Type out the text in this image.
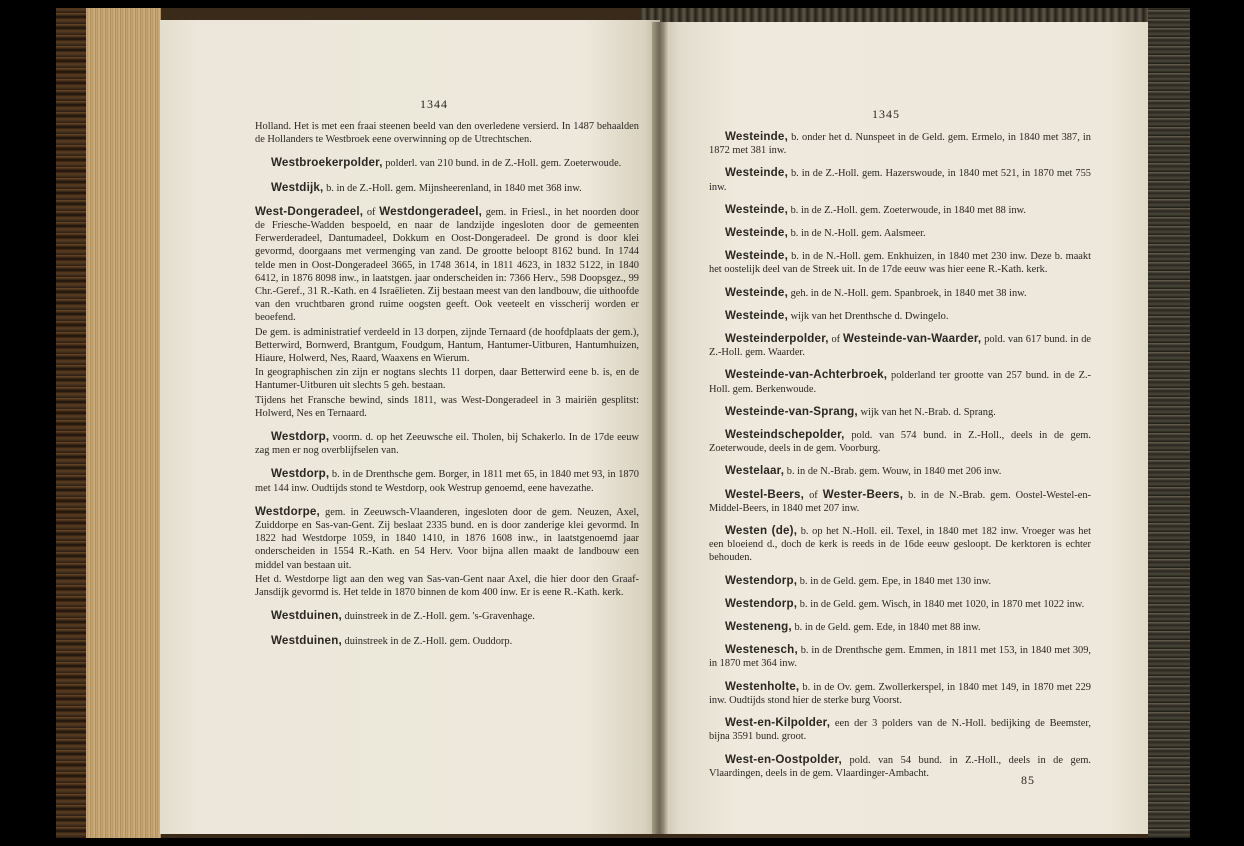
1344
1345
85

Holland. Het is met een fraai steenen beeld van den overledene versierd. In 1487 behaalden de Hollanders te Westbroek eene overwinning op de Utrechtschen.

Westbroekerpolder, polderl. van 210 bund. in de Z.-Holl. gem. Zoeterwoude.

Westdijk, b. in de Z.-Holl. gem. Mijnsheerenland, in 1840 met 368 inw.

West-Dongeradeel, of Westdongeradeel, gem. in Friesl., in het noorden door de Friesche-Wadden bespoeld, en naar de landzijde ingesloten door de gemeenten Ferwerderadeel, Dantumadeel, Dokkum en Oost-Dongeradeel. De grond is door klei gevormd, doorgaans met vermenging van zand. De grootte beloopt 8162 bund. In 1744 telde men in Oost-Dongeradeel 3665, in 1748 3614, in 1811 4623, in 1832 5122, in 1840 6412, in 1876 8098 inw., in laatstgen. jaar onderscheiden in: 7366 Herv., 598 Doopsgez., 99 Chr.-Geref., 31 R.-Kath. en 4 Israëlieten. Zij bestaan meest van den landbouw, die uithoofde van den vruchtbaren grond ruime oogsten geeft. Ook veeteelt en visscherij worden er beoefend.

De gem. is administratief verdeeld in 13 dorpen, zijnde Ternaard (de hoofdplaats der gem.), Betterwird, Bornwerd, Brantgum, Foudgum, Hantum, Hantumer-Uitburen, Hantumhuizen, Hiaure, Holwerd, Nes, Raard, Waaxens en Wierum.

In geographischen zin zijn er nogtans slechts 11 dorpen, daar Betterwird eene b. is, en de Hantumer-Uitburen uit slechts 5 geh. bestaan.

Tijdens het Fransche bewind, sinds 1811, was West-Dongeradeel in 3 mairiën gesplitst: Holwerd, Nes en Ternaard.

Westdorp, voorm. d. op het Zeeuwsche eil. Tholen, bij Schakerlo. In de 17de eeuw zag men er nog overblijfselen van.

Westdorp, b. in de Drenthsche gem. Borger, in 1811 met 65, in 1840 met 93, in 1870 met 144 inw. Oudtijds stond te Westdorp, ook Westrup genoemd, eene havezathe.

Westdorpe, gem. in Zeeuwsch-Vlaanderen, ingesloten door de gem. Neuzen, Axel, Zuiddorpe en Sas-van-Gent. Zij beslaat 2335 bund. en is door zanderige klei gevormd. In 1822 had Westdorpe 1059, in 1840 1410, in 1876 1608 inw., in laatstgenoemd jaar onderscheiden in 1554 R.-Kath. en 54 Herv. Voor bijna allen maakt de landbouw een middel van bestaan uit.

Het d. Westdorpe ligt aan den weg van Sas-van-Gent naar Axel, die hier door den Graaf-Jansdijk gevormd is. Het telde in 1870 binnen de kom 400 inw. Er is eene R.-Kath. kerk.

Westduinen, duinstreek in de Z.-Holl. gem. 's-Gravenhage.

Westduinen, duinstreek in de Z.-Holl. gem. Ouddorp.

Westeinde, b. onder het d. Nunspeet in de Geld. gem. Ermelo, in 1840 met 387, in 1872 met 381 inw.

Westeinde, b. in de Z.-Holl. gem. Hazerswoude, in 1840 met 521, in 1870 met 755 inw.

Westeinde, b. in de Z.-Holl. gem. Zoeterwoude, in 1840 met 88 inw.

Westeinde, b. in de N.-Holl. gem. Aalsmeer.

Westeinde, b. in de N.-Holl. gem. Enkhuizen, in 1840 met 230 inw. Deze b. maakt het oostelijk deel van de Streek uit. In de 17de eeuw was hier eene R.-Kath. kerk.

Westeinde, geh. in de N.-Holl. gem. Spanbroek, in 1840 met 38 inw.

Westeinde, wijk van het Drenthsche d. Dwingelo.

Westeinderpolder, of Westeinde-van-Waarder, pold. van 617 bund. in de Z.-Holl. gem. Waarder.

Westeinde-van-Achterbroek, polderland ter grootte van 257 bund. in de Z.-Holl. gem. Berkenwoude.

Westeinde-van-Sprang, wijk van het N.-Brab. d. Sprang.

Westeindschepolder, pold. van 574 bund. in Z.-Holl., deels in de gem. Zoeterwoude, deels in de gem. Voorburg.

Westelaar, b. in de N.-Brab. gem. Wouw, in 1840 met 206 inw.

Westel-Beers, of Wester-Beers, b. in de N.-Brab. gem. Oostel-Westel-en-Middel-Beers, in 1840 met 207 inw.

Westen (de), b. op het N.-Holl. eil. Texel, in 1840 met 182 inw. Vroeger was het een bloeiend d., doch de kerk is reeds in de 16de eeuw gesloopt. De kerktoren is echter behouden.

Westendorp, b. in de Geld. gem. Epe, in 1840 met 130 inw.

Westendorp, b. in de Geld. gem. Wisch, in 1840 met 1020, in 1870 met 1022 inw.

Westeneng, b. in de Geld. gem. Ede, in 1840 met 88 inw.

Westenesch, b. in de Drenthsche gem. Emmen, in 1811 met 153, in 1840 met 309, in 1870 met 364 inw.

Westenholte, b. in de Ov. gem. Zwollerkerspel, in 1840 met 149, in 1870 met 229 inw. Oudtijds stond hier de sterke burg Voorst.

West-en-Kilpolder, een der 3 polders van de N.-Holl. bedijking de Beemster, bijna 3591 bund. groot.

West-en-Oostpolder, pold. van 54 bund. in Z.-Holl., deels in de gem. Vlaardingen, deels in de gem. Vlaardinger-Ambacht.
